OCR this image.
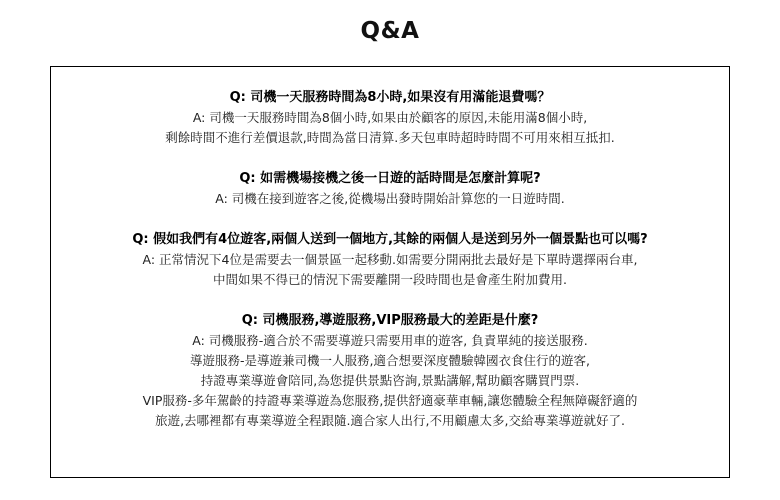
Q&A
Q: 司機一天服務時間為8小時,如果沒有用滿能退費嗎？
A: 司機一天服務時間為8個小時,如果由於顧客的原因,未能用滿8個小時,
剩餘時間不進行差價退款,時間為當日清算.多天包車時超時時間不可用來相互抵扣.
Q: 如需機場接機之後一日遊的話時間是怎麼計算呢?
A: 司機在接到遊客之後,從機場出發時開始計算您的一日遊時間.
Q: 假如我們有4位遊客,兩個人送到一個地方,其餘的兩個人是送到另外一個景點也可以嗎?
A: 正常情況下4位是需要去一個景區一起移動.如需要分開兩批去最好是下單時選擇兩台車,
中間如果不得已的情況下需要離開一段時間也是會產生附加費用.
Q: 司機服務,導遊服務,VIP服務最大的差距是什麼?
A: 司機服務-適合於不需要導遊只需要用車的遊客, 負責單純的接送服務.
導遊服務-是導遊兼司機一人服務,適合想要深度體驗韓國衣食住行的遊客,
持證專業導遊會陪同,為您提供景點咨詢,景點講解,幫助顧客購買門票.
VIP服務-多年駕齡的持證專業導遊為您服務,提供舒適豪華車輛,讓您體驗全程無障礙舒適的
旅遊,去哪裡都有專業導遊全程跟隨.適合家人出行,不用顧慮太多,交給專業導遊就好了.
